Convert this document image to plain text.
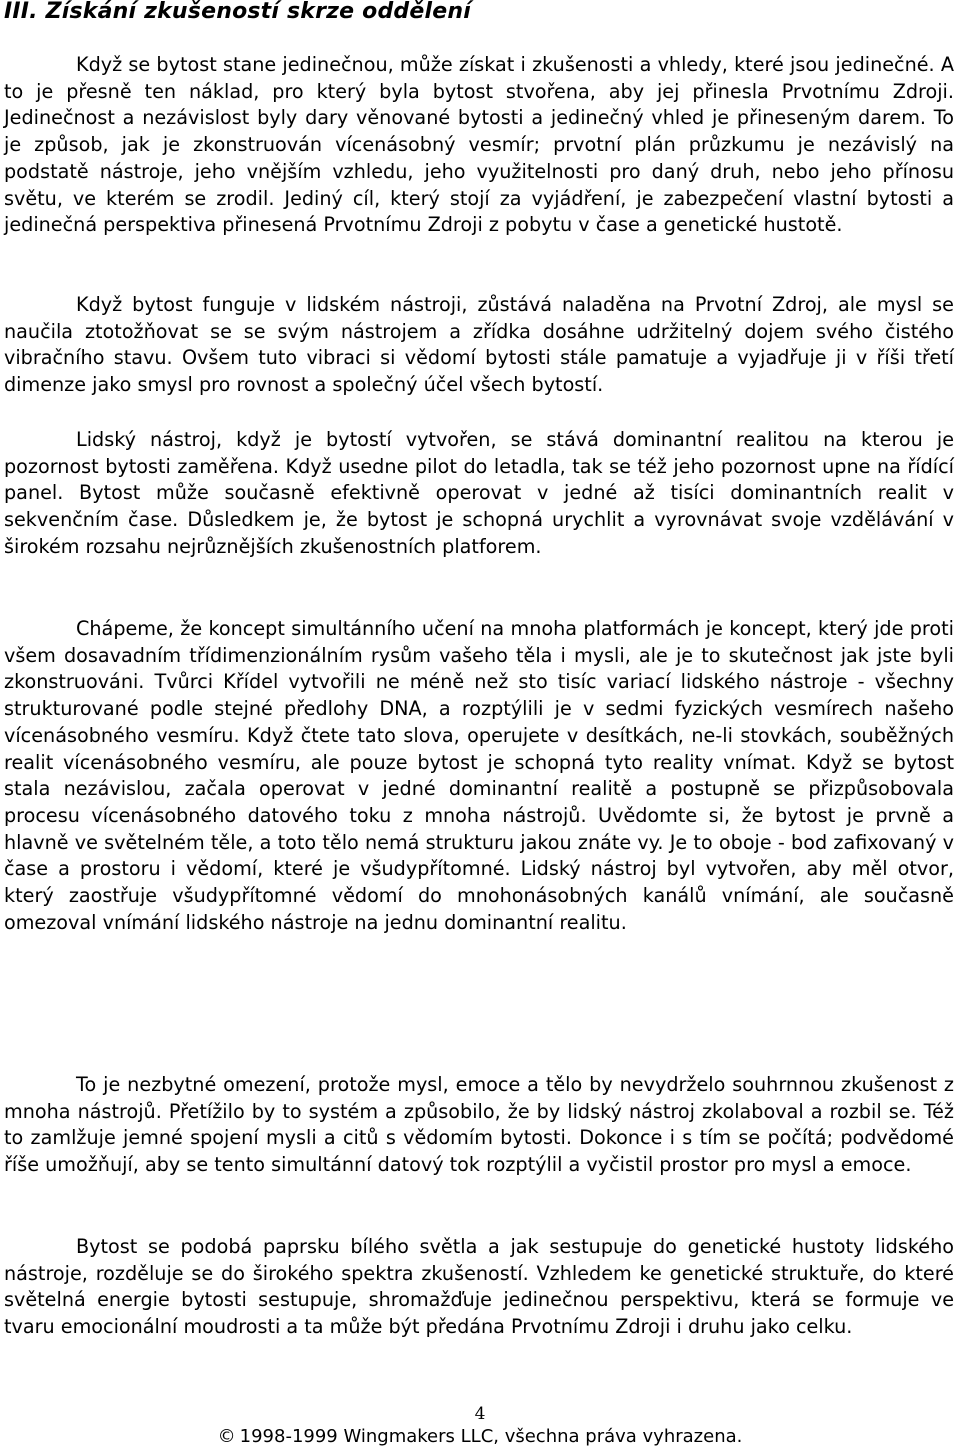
III. Získání zkušeností skrze oddělení

Když se bytost stane jedinečnou, může získat i zkušenosti a vhledy, které jsou jedinečné. A to je přesně ten náklad, pro který byla bytost stvořena, aby jej přinesla Prvotnímu Zdroji. Jedinečnost a nezávislost byly dary věnované bytosti a jedinečný vhled je přineseným darem. To je způsob, jak je zkonstruován vícenásobný vesmír; prvotní plán průzkumu je nezávislý na podstatě nástroje, jeho vnějším vzhledu, jeho využitelnosti pro daný druh, nebo jeho přínosu světu, ve kterém se zrodil. Jediný cíl, který stojí za vyjádření, je zabezpečení vlastní bytosti a jedinečná perspektiva přinesená Prvotnímu Zdroji z pobytu v čase a genetické hustotě.

Když bytost funguje v lidském nástroji, zůstává naladěna na Prvotní Zdroj, ale mysl se naučila ztotožňovat se se svým nástrojem a zřídka dosáhne udržitelný dojem svého čistého vibračního stavu. Ovšem tuto vibraci si vědomí bytosti stále pamatuje a vyjadřuje ji v říši třetí dimenze jako smysl pro rovnost a společný účel všech bytostí.

Lidský nástroj, když je bytostí vytvořen, se stává dominantní realitou na kterou je pozornost bytosti zaměřena. Když usedne pilot do letadla, tak se též jeho pozornost upne na řídící panel. Bytost může současně efektivně operovat v jedné až tisíci dominantních realit v sekvenčním čase. Důsledkem je, že bytost je schopná urychlit a vyrovnávat svoje vzdělávání v širokém rozsahu nejrůznějších zkušenostních platforem.

Chápeme, že koncept simultánního učení na mnoha platformách je koncept, který jde proti všem dosavadním třídimenzionálním rysům vašeho těla i mysli, ale je to skutečnost jak jste byli zkonstruováni. Tvůrci Křídel vytvořili ne méně než sto tisíc variací lidského nástroje - všechny strukturované podle stejné předlohy DNA, a rozptýlili je v sedmi fyzických vesmírech našeho vícenásobného vesmíru. Když čtete tato slova, operujete v desítkách, ne-li stovkách, souběžných realit vícenásobného vesmíru, ale pouze bytost je schopná tyto reality vnímat. Když se bytost stala nezávislou, začala operovat v jedné dominantní realitě a postupně se přizpůsobovala procesu vícenásobného datového toku z mnoha nástrojů. Uvědomte si, že bytost je prvně a hlavně ve světelném těle, a toto tělo nemá strukturu jakou znáte vy. Je to oboje - bod zafixovaný v čase a prostoru i vědomí, které je všudypřítomné. Lidský nástroj byl vytvořen, aby měl otvor, který zaostřuje všudypřítomné vědomí do mnohonásobných kanálů vnímání, ale současně omezoval vnímání lidského nástroje na jednu dominantní realitu.

To je nezbytné omezení, protože mysl, emoce a tělo by nevydrželo souhrnnou zkušenost z mnoha nástrojů. Přetížilo by to systém a způsobilo, že by lidský nástroj zkolaboval a rozbil se. Též to zamlžuje jemné spojení mysli a citů s vědomím bytosti. Dokonce i s tím se počítá; podvědomé říše umožňují, aby se tento simultánní datový tok rozptýlil a vyčistil prostor pro mysl a emoce.

Bytost se podobá paprsku bílého světla a jak sestupuje do genetické hustoty lidského nástroje, rozděluje se do širokého spektra zkušeností. Vzhledem ke genetické struktuře, do které světelná energie bytosti sestupuje, shromažďuje jedinečnou perspektivu, která se formuje ve tvaru emocionální moudrosti a ta může být předána Prvotnímu Zdroji i druhu jako celku.

4
© 1998-1999 Wingmakers LLC, všechna práva vyhrazena.
